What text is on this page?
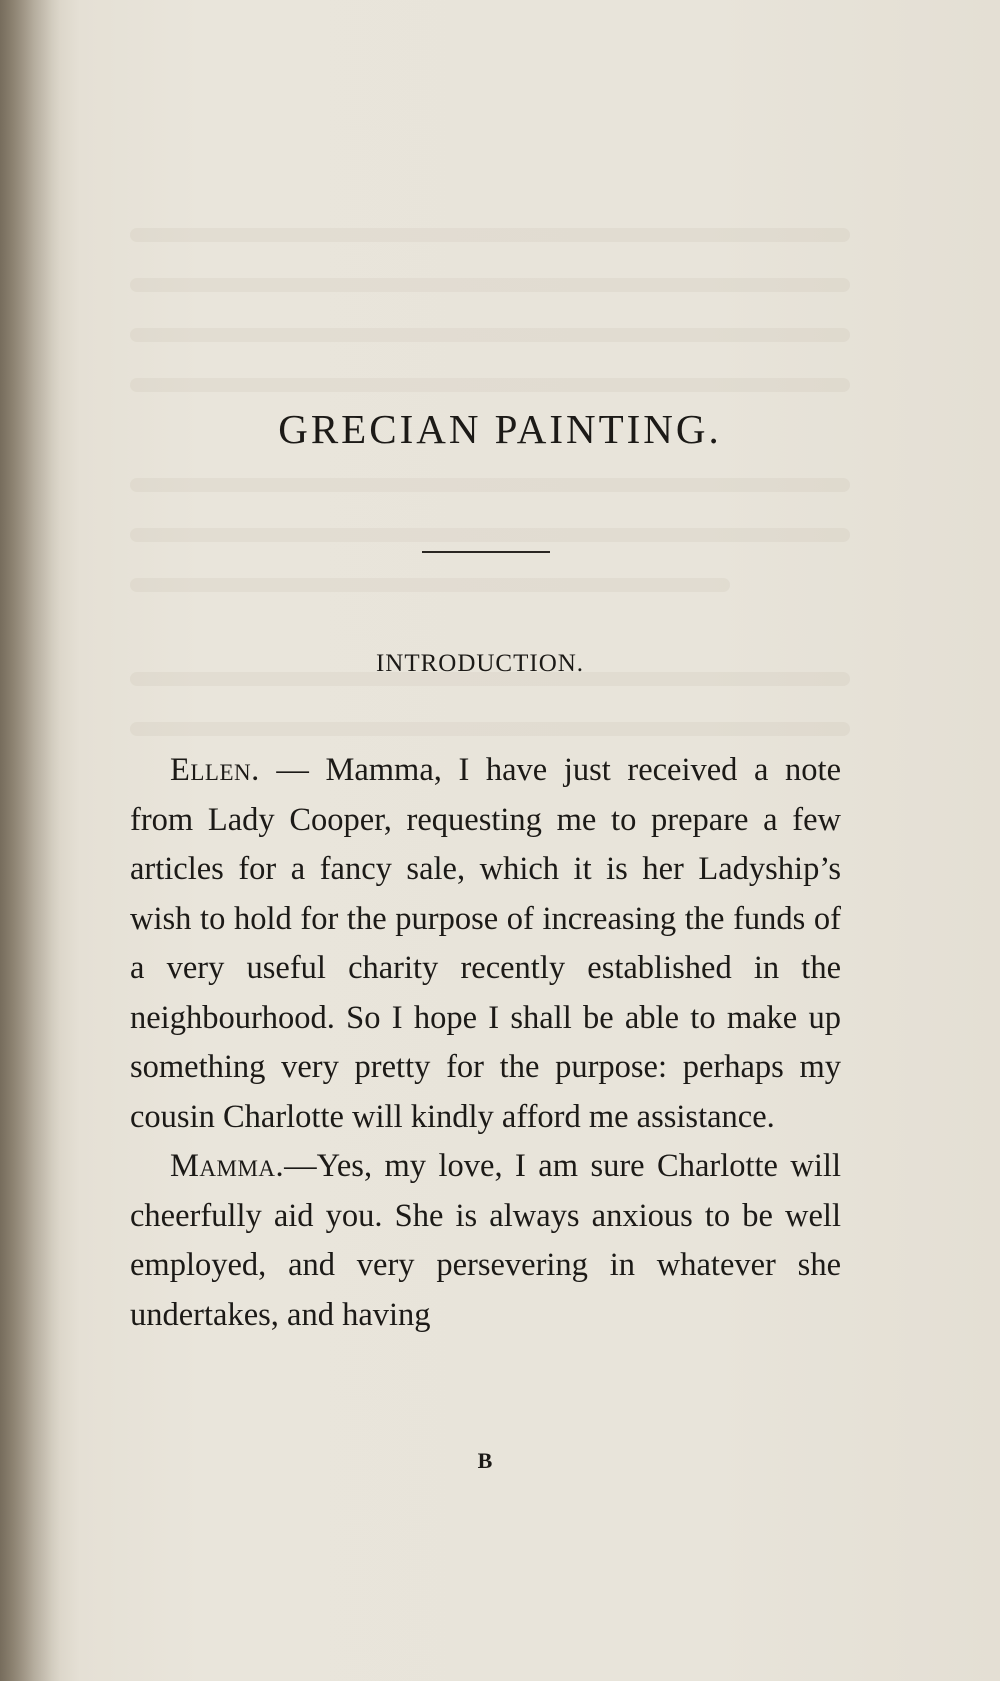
GRECIAN PAINTING.
INTRODUCTION.

Ellen. — Mamma, I have just received a note from Lady Cooper, requesting me to prepare a few articles for a fancy sale, which it is her Ladyship’s wish to hold for the purpose of increasing the funds of a very useful charity recently established in the neighbourhood. So I hope I shall be able to make up something very pretty for the purpose: perhaps my cousin Charlotte will kindly afford me assistance.

Mamma.—Yes, my love, I am sure Charlotte will cheerfully aid you. She is always anxious to be well employed, and very persevering in whatever she undertakes, and having

B
